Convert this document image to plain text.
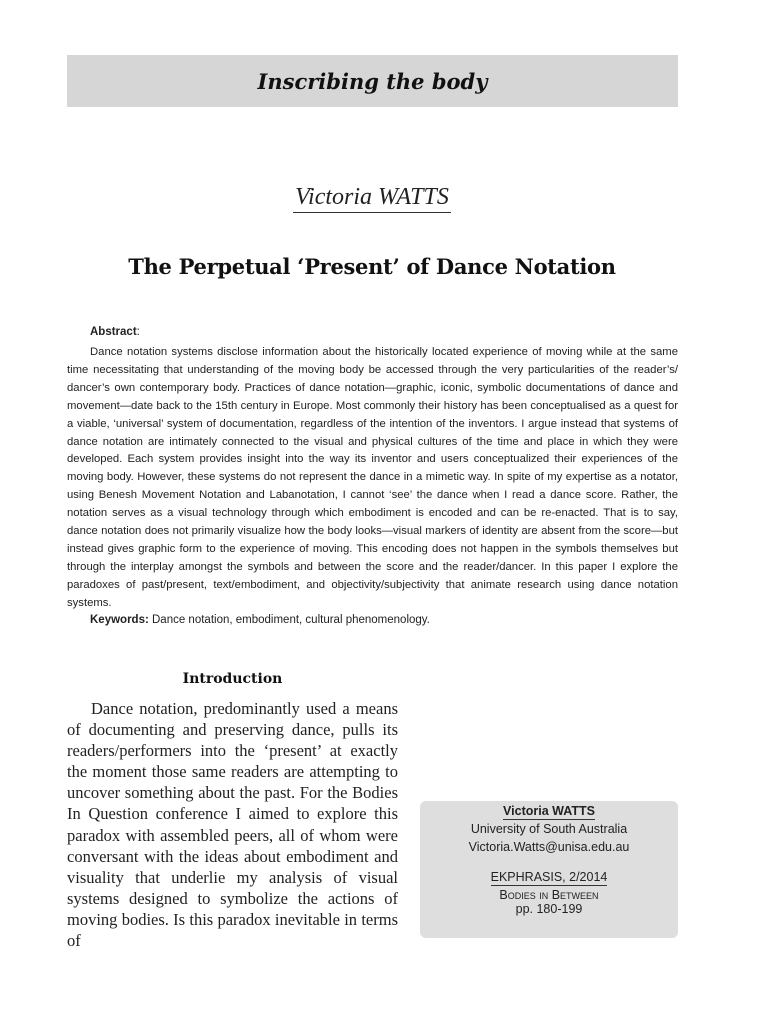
Inscribing the body
Victoria WATTS
The Perpetual ‘Present’ of Dance Notation
Abstract:

Dance notation systems disclose information about the historically located experience of moving while at the same time necessitating that understanding of the moving body be accessed through the very particularities of the reader’s/ dancer’s own contemporary body. Practices of dance notation—graphic, iconic, symbolic documentations of dance and movement—date back to the 15th century in Europe. Most commonly their history has been conceptualised as a quest for a viable, ‘universal’ system of documentation, regardless of the intention of the inventors. I argue instead that systems of dance notation are intimately connected to the visual and physical cultures of the time and place in which they were developed. Each system provides insight into the way its inventor and users conceptualized their experiences of the moving body. However, these systems do not represent the dance in a mimetic way. In spite of my expertise as a notator, using Benesh Movement Notation and Labanotation, I cannot ‘see’ the dance when I read a dance score. Rather, the notation serves as a visual technology through which embodiment is encoded and can be re-enacted. That is to say, dance notation does not primarily visualize how the body looks—visual markers of identity are absent from the score—but instead gives graphic form to the experience of moving. This encoding does not happen in the symbols themselves but through the interplay amongst the symbols and between the score and the reader/dancer. In this paper I explore the paradoxes of past/present, text/embodiment, and objectivity/subjectivity that animate research using dance notation systems.

Keywords: Dance notation, embodiment, cultural phenomenology.
Introduction

Dance notation, predominantly used a means of documenting and preserving dance, pulls its readers/performers into the ‘present’ at exactly the moment those same readers are attempting to uncover something about the past. For the Bodies In Question conference I aimed to explore this paradox with assembled peers, all of whom were conversant with the ideas about embodiment and visuality that underlie my analysis of visual systems designed to symbolize the actions of moving bodies. Is this paradox inevitable in terms of

Victoria WATTS
University of South Australia
Victoria.Watts@unisa.edu.au
EKPHRASIS, 2/2014
Bodies in Between
pp. 180-199
